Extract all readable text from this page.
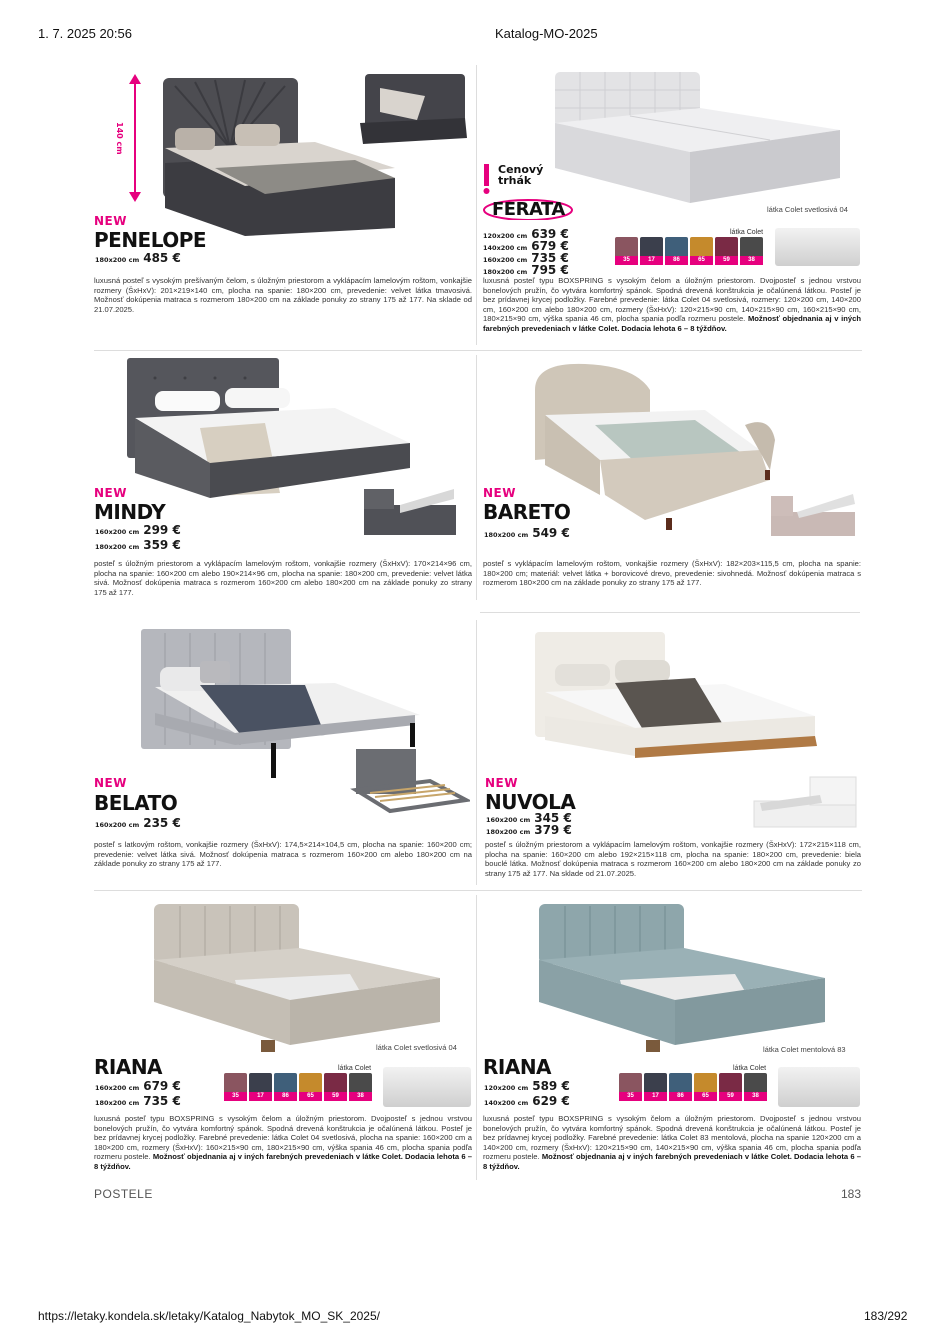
1. 7. 2025 20:56	Katalog-MO-2025
140 cm
NEW
PENELOPE
180x200 cm 485 €
luxusná posteľ s vysokým prešívaným čelom, s úložným priestorom a vyklápacím lamelovým roštom, vonkajšie rozmery (ŠxHxV): 201×219×140 cm, plocha na spanie: 180×200 cm, prevedenie: velvet látka tmavosivá. Možnosť dokúpenia matraca s rozmerom 180×200 cm na základe ponuky zo strany 175 až 177. Na sklade od 21.07.2025.
Cenový trhák
FERATA	látka Colet svetlosivá 04
120x200 cm 639 €
140x200 cm 679 €
160x200 cm 735 €
180x200 cm 795 €
látka Colet
35	17	86	65	59	38
luxusná posteľ typu BOXSPRING s vysokým čelom a úložným priestorom. Dvojposteľ s jednou vrstvou bonelových pružín, čo vytvára komfortný spánok. Spodná drevená konštrukcia je očalúnená látkou. Posteľ je bez prídavnej krycej podložky. Farebné prevedenie: látka Colet 04 svetlosivá, rozmery: 120×200 cm, 140×200 cm, 160×200 cm alebo 180×200 cm, rozmery (ŠxHxV): 120×215×90 cm, 140×215×90 cm, 160×215×90 cm, 180×215×90 cm, výška spania 46 cm, plocha spania podľa rozmeru postele. Možnosť objednania aj v iných farebných prevedeniach v látke Colet. Dodacia lehota 6 – 8 týždňov.
NEW
MINDY
160x200 cm 299 €
180x200 cm 359 €
posteľ s úložným priestorom a vyklápacím lamelovým roštom, vonkajšie rozmery (ŠxHxV): 170×214×96 cm, plocha na spanie: 160×200 cm alebo 190×214×96 cm, plocha na spanie: 180×200 cm, prevedenie: velvet látka sivá. Možnosť dokúpenia matraca s rozmerom 160×200 cm alebo 180×200 cm na základe ponuky zo strany 175 až 177.
NEW
BARETO
180x200 cm 549 €
posteľ s vyklápacím lamelovým roštom, vonkajšie rozmery (ŠxHxV): 182×203×115,5 cm, plocha na spanie: 180×200 cm; materiál: velvet látka + borovicové drevo, prevedenie: sivohnedá. Možnosť dokúpenia matraca s rozmerom 180×200 cm na základe ponuky zo strany 175 až 177.
NEW
BELATO
160x200 cm 235 €
posteľ s latkovým roštom, vonkajšie rozmery (ŠxHxV): 174,5×214×104,5 cm, plocha na spanie: 160×200 cm; prevedenie: velvet látka sivá. Možnosť dokúpenia matraca s rozmerom 160×200 cm alebo 180×200 cm na základe ponuky zo strany 175 až 177.
NEW
NUVOLA
160x200 cm 345 €
180x200 cm 379 €
posteľ s úložným priestorom a vyklápacím lamelovým roštom, vonkajšie rozmery (ŠxHxV): 172×215×118 cm, plocha na spanie: 160×200 cm alebo 192×215×118 cm, plocha na spanie: 180×200 cm, prevedenie: biela bouclé látka. Možnosť dokúpenia matraca s rozmerom 160×200 cm alebo 180×200 cm na základe ponuky zo strany 175 až 177. Na sklade od 21.07.2025.
látka Colet svetlosivá 04
RIANA
160x200 cm 679 €
180x200 cm 735 €
látka Colet
35	17	86	65	59	38
luxusná posteľ typu BOXSPRING s vysokým čelom a úložným priestorom. Dvojposteľ s jednou vrstvou bonelových pružín, čo vytvára komfortný spánok. Spodná drevená konštrukcia je očalúnená látkou. Posteľ je bez prídavnej krycej podložky. Farebné prevedenie: látka Colet 04 svetlosivá, plocha na spanie: 160×200 cm a 180×200 cm, rozmery (ŠxHxV): 160×215×90 cm, 180×215×90 cm, výška spania 46 cm, plocha spania podľa rozmeru postele. Možnosť objednania aj v iných farebných prevedeniach v látke Colet. Dodacia lehota 6 – 8 týždňov.
látka Colet mentolová 83
RIANA
120x200 cm 589 €
140x200 cm 629 €
látka Colet
35	17	86	65	59	38
luxusná posteľ typu BOXSPRING s vysokým čelom a úložným priestorom. Dvojposteľ s jednou vrstvou bonelových pružín, čo vytvára komfortný spánok. Spodná drevená konštrukcia je očalúnená látkou. Posteľ je bez prídavnej krycej podložky. Farebné prevedenie: látka Colet 83 mentolová, plocha na spanie 120×200 cm a 140×200 cm, rozmery (ŠxHxV): 120×215×90 cm, 140×215×90 cm, výška spania 46 cm, plocha spania podľa rozmeru postele. Možnosť objednania aj v iných farebných prevedeniach v látke Colet. Dodacia lehota 6 – 8 týždňov.
POSTELE	183
https://letaky.kondela.sk/letaky/Katalog_Nabytok_MO_SK_2025/	183/292
